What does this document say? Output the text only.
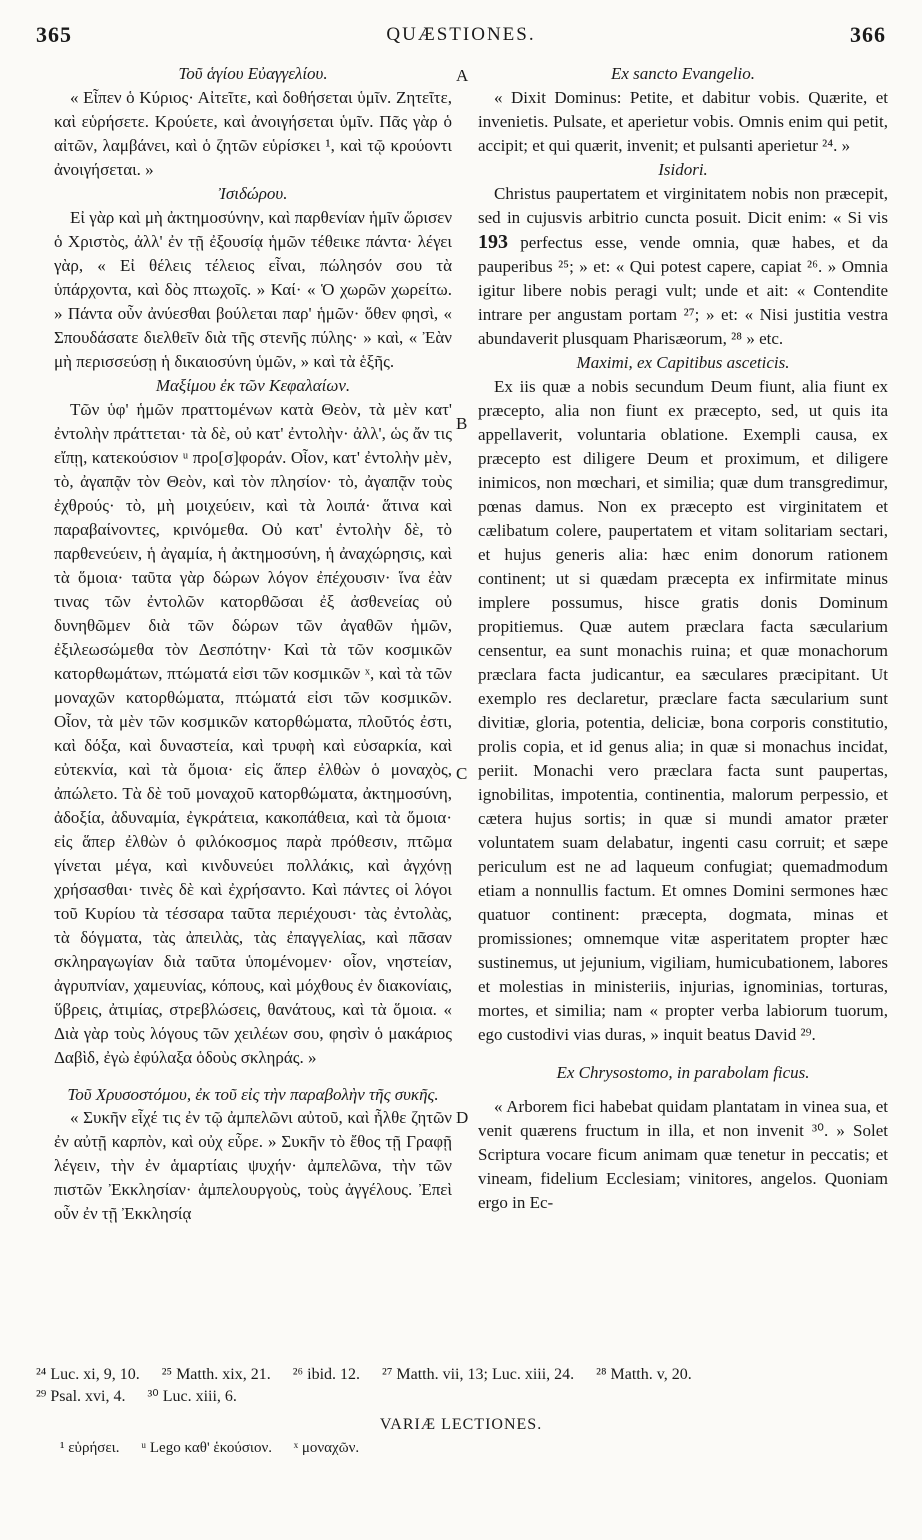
365	QUÆSTIONES.	366
A
B
C
D

Τοῦ ἁγίου Εὐαγγελίου.

« Εἶπεν ὁ Κύριος· Αἰτεῖτε, καὶ δοθήσεται ὑμῖν. Ζητεῖτε, καὶ εὑρήσετε. Κρούετε, καὶ ἀνοιγήσεται ὑμῖν. Πᾶς γὰρ ὁ αἰτῶν, λαμβάνει, καὶ ὁ ζητῶν εὑρίσκει ¹, καὶ τῷ κρούοντι ἀνοιγήσεται. »

Ἰσιδώρου.

Εἰ γὰρ καὶ μὴ ἀκτημοσύνην, καὶ παρθενίαν ἡμῖν ὥρισεν ὁ Χριστὸς, ἀλλ' ἐν τῇ ἐξουσίᾳ ἡμῶν τέθεικε πάντα· λέγει γὰρ, « Εἰ θέλεις τέλειος εἶναι, πώλησόν σου τὰ ὑπάρχοντα, καὶ δὸς πτωχοῖς. » Καί· « Ὁ χωρῶν χωρείτω. » Πάντα οὖν ἀνύεσθαι βούλεται παρ' ἡμῶν· ὅθεν φησὶ, « Σπουδάσατε διελθεῖν διὰ τῆς στενῆς πύλης· » καὶ, « Ἐὰν μὴ περισσεύσῃ ἡ δικαιοσύνη ὑμῶν, » καὶ τὰ ἑξῆς.

Μαξίμου ἐκ τῶν Κεφαλαίων.

Τῶν ὑφ' ἡμῶν πραττομένων κατὰ Θεὸν, τὰ μὲν κατ' ἐντολὴν πράττεται· τὰ δὲ, οὐ κατ' ἐντολὴν· ἀλλ', ὡς ἄν τις εἴπῃ, κατεκούσιον ᵘ προ[σ]φοράν. Οἷον, κατ' ἐντολὴν μὲν, τὸ, ἀγαπᾷν τὸν Θεὸν, καὶ τὸν πλησίον· τὸ, ἀγαπᾷν τοὺς ἐχθρούς· τὸ, μὴ μοιχεύειν, καὶ τὰ λοιπά· ἅτινα καὶ παραβαίνοντες, κρινόμεθα. Οὐ κατ' ἐντολὴν δὲ, τὸ παρθενεύειν, ἡ ἀγαμία, ἡ ἀκτημοσύνη, ἡ ἀναχώρησις, καὶ τὰ ὅμοια· ταῦτα γὰρ δώρων λόγον ἐπέχουσιν· ἵνα ἐὰν τινας τῶν ἐντολῶν κατορθῶσαι ἐξ ἀσθενείας οὐ δυνηθῶμεν διὰ τῶν δώρων τῶν ἀγαθῶν ἡμῶν, ἐξιλεωσώμεθα τὸν Δεσπότην· Καὶ τὰ τῶν κοσμικῶν κατορθωμάτων, πτώματά εἰσι τῶν κοσμικῶν ˣ, καὶ τὰ τῶν μοναχῶν κατορθώματα, πτώματά εἰσι τῶν κοσμικῶν. Οἷον, τὰ μὲν τῶν κοσμικῶν κατορθώματα, πλοῦτός ἐστι, καὶ δόξα, καὶ δυναστεία, καὶ τρυφὴ καὶ εὐσαρκία, καὶ εὐτεκνία, καὶ τὰ ὅμοια· εἰς ἅπερ ἐλθὼν ὁ μοναχὸς, ἀπώλετο. Τὰ δὲ τοῦ μοναχοῦ κατορθώματα, ἀκτημοσύνη, ἀδοξία, ἀδυναμία, ἐγκράτεια, κακοπάθεια, καὶ τὰ ὅμοια· εἰς ἅπερ ἐλθὼν ὁ φιλόκοσμος παρὰ πρόθεσιν, πτῶμα γίνεται μέγα, καὶ κινδυνεύει πολλάκις, καὶ ἀγχόνῃ χρήσασθαι· τινὲς δὲ καὶ ἐχρήσαντο. Καὶ πάντες οἱ λόγοι τοῦ Κυρίου τὰ τέσσαρα ταῦτα περιέχουσι· τὰς ἐντολὰς, τὰ δόγματα, τὰς ἀπειλὰς, τὰς ἐπαγγελίας, καὶ πᾶσαν σκληραγωγίαν διὰ ταῦτα ὑπομένομεν· οἷον, νηστείαν, ἀγρυπνίαν, χαμευνίας, κόπους, καὶ μόχθους ἐν διακονίαις, ὕβρεις, ἀτιμίας, στρεβλώσεις, θανάτους, καὶ τὰ ὅμοια. « Διὰ γὰρ τοὺς λόγους τῶν χειλέων σου, φησὶν ὁ μακάριος Δαβὶδ, ἐγὼ ἐφύλαξα ὁδοὺς σκληράς. »

Τοῦ Χρυσοστόμου, ἐκ τοῦ εἰς τὴν παραβολὴν τῆς συκῆς.

« Συκῆν εἶχέ τις ἐν τῷ ἀμπελῶνι αὐτοῦ, καὶ ἦλθε ζητῶν ἐν αὐτῇ καρπὸν, καὶ οὐχ εὗρε. » Συκῆν τὸ ἔθος τῇ Γραφῇ λέγειν, τὴν ἐν ἁμαρτίαις ψυχήν· ἀμπελῶνα, τὴν τῶν πιστῶν Ἐκκλησίαν· ἀμπελουργοὺς, τοὺς ἀγγέλους. Ἐπεὶ οὖν ἐν τῇ Ἐκκλησίᾳ

Ex sancto Evangelio.

« Dixit Dominus: Petite, et dabitur vobis. Quærite, et invenietis. Pulsate, et aperietur vobis. Omnis enim qui petit, accipit; et qui quærit, invenit; et pulsanti aperietur ²⁴. »

Isidori.

Christus paupertatem et virginitatem nobis non præcepit, sed in cujusvis arbitrio cuncta posuit. Dicit enim: « Si vis 193 perfectus esse, vende omnia, quæ habes, et da pauperibus ²⁵; » et: « Qui potest capere, capiat ²⁶. » Omnia igitur libere nobis peragi vult; unde et ait: « Contendite intrare per angustam portam ²⁷; » et: « Nisi justitia vestra abundaverit plusquam Pharisæorum, ²⁸ » etc.

Maximi, ex Capitibus asceticis.

Ex iis quæ a nobis secundum Deum fiunt, alia fiunt ex præcepto, alia non fiunt ex præcepto, sed, ut quis ita appellaverit, voluntaria oblatione. Exempli causa, ex præcepto est diligere Deum et proximum, et diligere inimicos, non mœchari, et similia; quæ dum transgredimur, pœnas damus. Non ex præcepto est virginitatem et cælibatum colere, paupertatem et vitam solitariam sectari, et hujus generis alia: hæc enim donorum rationem continent; ut si quædam præcepta ex infirmitate minus implere possumus, hisce gratis donis Dominum propitiemus. Quæ autem præclara facta sæcularium censentur, ea sunt monachis ruina; et quæ monachorum præclara facta judicantur, ea sæculares præcipitant. Ut exemplo res declaretur, præclare facta sæcularium sunt divitiæ, gloria, potentia, deliciæ, bona corporis constitutio, prolis copia, et id genus alia; in quæ si monachus incidat, periit. Monachi vero præclara facta sunt paupertas, ignobilitas, impotentia, continentia, malorum perpessio, et cætera hujus sortis; in quæ si mundi amator præter voluntatem suam delabatur, ingenti casu corruit; et sæpe periculum est ne ad laqueum confugiat; quemadmodum etiam a nonnullis factum. Et omnes Domini sermones hæc quatuor continent: præcepta, dogmata, minas et promissiones; omnemque vitæ asperitatem propter hæc sustinemus, ut jejunium, vigiliam, humicubationem, labores et molestias in ministeriis, injurias, ignominias, torturas, mortes, et similia; nam « propter verba labiorum tuorum, ego custodivi vias duras, » inquit beatus David ²⁹.

Ex Chrysostomo, in parabolam ficus.

« Arborem fici habebat quidam plantatam in vinea sua, et venit quærens fructum in illa, et non invenit ³⁰. » Solet Scriptura vocare ficum animam quæ tenetur in peccatis; et vineam, fidelium Ecclesiam; vinitores, angelos. Quoniam ergo in Ec-

²⁴ Luc. xi, 9, 10. ²⁵ Matth. xix, 21. ²⁶ ibid. 12. ²⁷ Matth. vii, 13; Luc. xiii, 24. ²⁸ Matth. v, 20.
²⁹ Psal. xvi, 4. ³⁰ Luc. xiii, 6.
VARIÆ LECTIONES.
¹ εὑρήσει. ᵘ Lego καθ' ἑκούσιον. ˣ μοναχῶν.
